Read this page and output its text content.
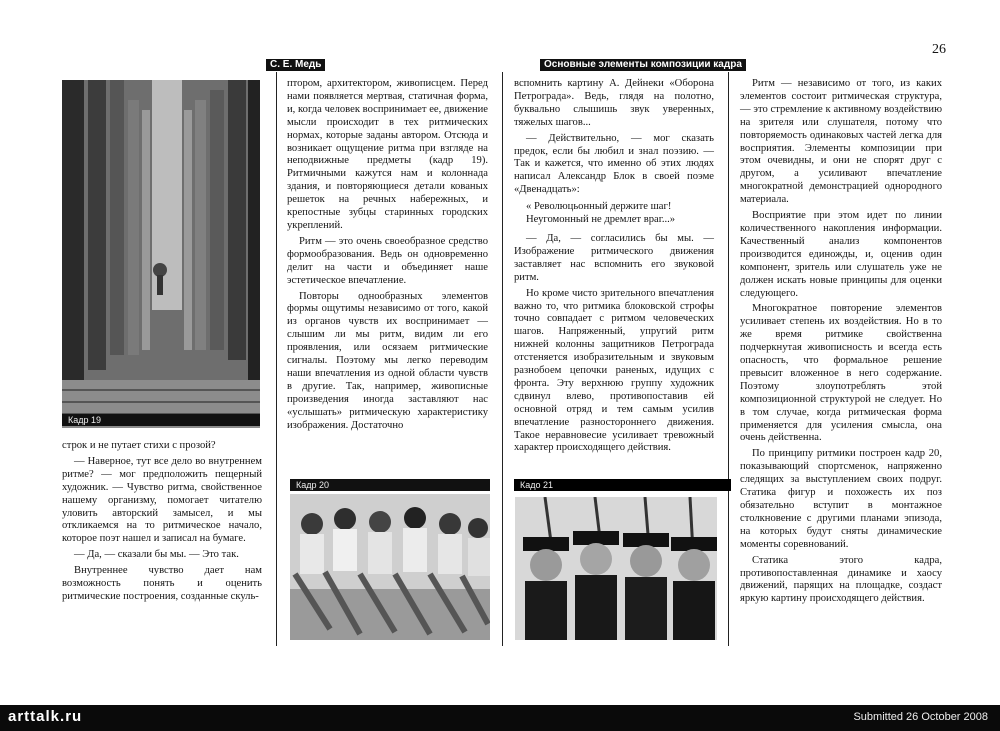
26
С. Е. Медь	Основные элементы композиции кадра
Кадр 19

строк и не путает стихи с прозой?

— Наверное, тут все дело во внутреннем ритме? — мог предположить пещерный художник. — Чувство ритма, свойственное нашему организму, помогает читателю уловить авторский замысел, и мы откликаемся на то ритмическое начало, которое поэт нашел и записал на бумаге.

— Да, — сказали бы мы. — Это так.

Внутреннее чувство дает нам возможность понять и оценить ритмические построения, созданные скуль-

птором, архитектором, живописцем. Перед нами появляется мертвая, статичная форма, и, когда человек воспринимает ее, движение мысли происходит в тех ритмических нормах, которые заданы автором. Отсюда и возникает ощущение ритма при взгляде на неподвижные предметы (кадр 19). Ритмичными кажутся нам и колоннада здания, и повторяющиеся детали кованых решеток на речных набережных, и крепостные зубцы старинных городских укреплений.

Ритм — это очень своеобразное средство формообразования. Ведь он одновременно делит на части и объединяет наше эстетическое впечатление.

Повторы однообразных элементов формы ощутимы независимо от того, какой из органов чувств их воспринимает — слышим ли мы ритм, видим ли его проявления, или осязаем ритмические сигналы. Поэтому мы легко переводим наши впечатления из одной области чувств в другие. Так, например, живописные произведения иногда заставляют нас «услышать» ритмическую характеристику изображения. Достаточно

Кадр 20

вспомнить картину А. Дейнеки «Оборона Петрограда». Ведь, глядя на полотно, буквально слышишь звук уверенных, тяжелых шагов...

— Действительно, — мог сказать предок, если бы любил и знал поэзию. — Так и кажется, что именно об этих людях написал Александр Блок в своей поэме «Двенадцать»:

« Революцьонный держите шаг!
Неугомонный не дремлет враг...»

— Да, — согласились бы мы. — Изображение ритмического движения заставляет нас вспомнить его звуковой ритм.

Но кроме чисто зрительного впечатления важно то, что ритмика блоковской строфы точно совпадает с ритмом человеческих шагов. Напряженный, упругий ритм нижней колонны защитников Петрограда отстеняется изобразительным и звуковым разнобоем цепочки раненых, идущих с фронта. Эту верхнюю группу художник сдвинул влево, противопоставив ей основной отряд и тем самым усилив впечатление разностороннего движения. Такое неравновесие усиливает тревожный характер происходящего действия.

Кадо 21

Ритм — независимо от того, из каких элементов состоит ритмическая структура, — это стремление к активному воздействию на зрителя или слушателя, потому что повторяемость одинаковых частей легка для восприятия. Элементы композиции при этом очевидны, и они не спорят друг с другом, а усиливают впечатление многократной демонстрацией однородного материала.

Восприятие при этом идет по линии количественного накопления информации. Качественный анализ компонентов производится единожды, и, оценив один компонент, зритель или слушатель уже не должен искать новые принципы для оценки следующего.

Многократное повторение элементов усиливает степень их воздействия. Но в то же время ритмике свойственна подчеркнутая живописность и всегда есть опасность, что формальное решение превысит вложенное в него содержание. Поэтому злоупотреблять этой композиционной структурой не следует. Но в том случае, когда ритмическая форма применяется для усиления смысла, она очень действенна.

По принципу ритмики построен кадр 20, показывающий спортсменок, напряженно следящих за выступлением своих подруг. Статика фигур и похожесть их поз обязательно вступит в монтажное столкновение с другими планами эпизода, на которых будут сняты динамические моменты соревнований.

Статика этого кадра, противопоставленная динамике и хаосу движений, парящих на площадке, создаст яркую картину происходящего действия.

arttalk.ru	Submitted 26 October 2008
